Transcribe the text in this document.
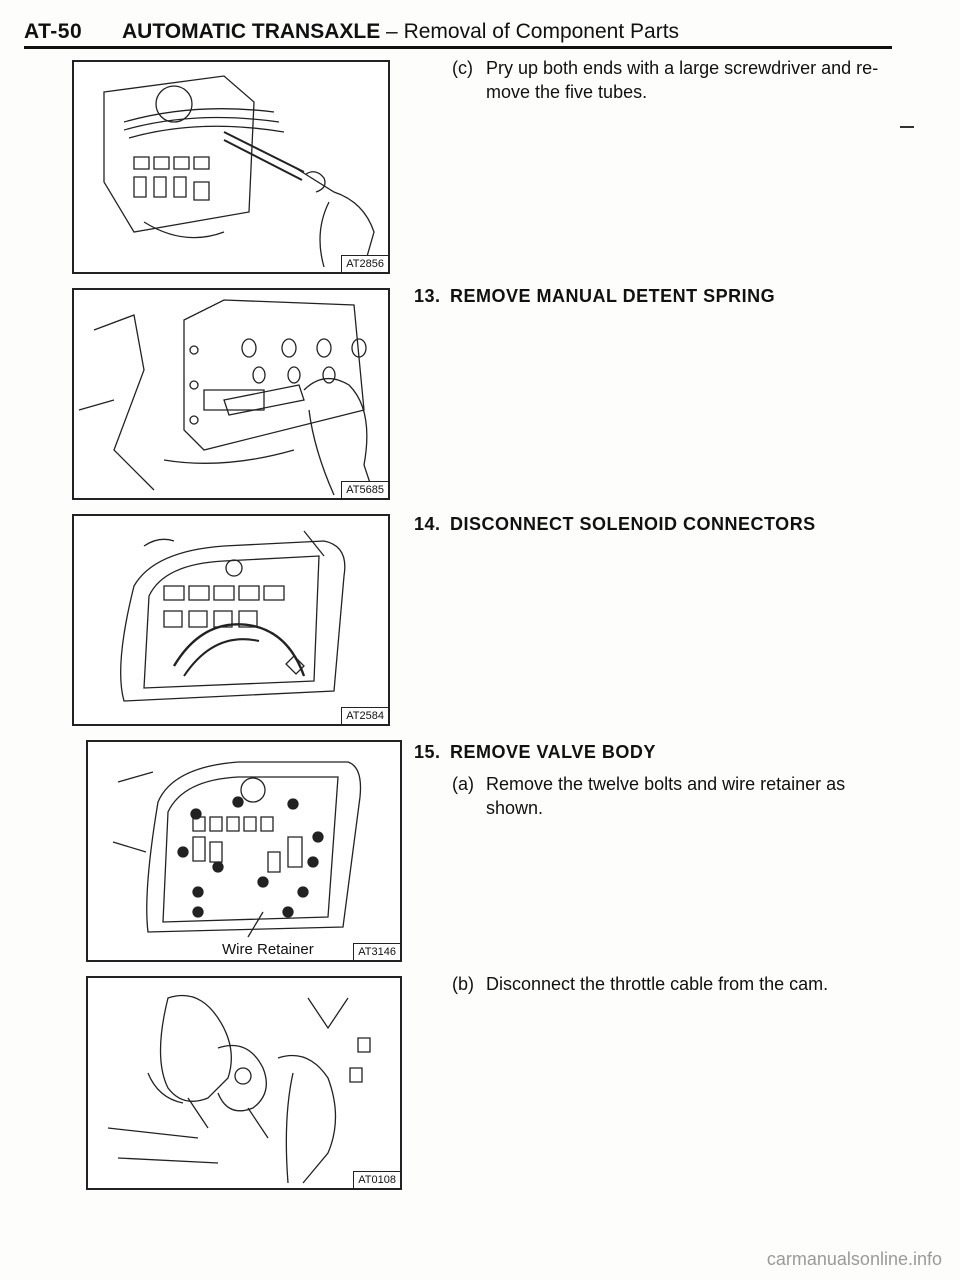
AT-50 AUTOMATIC TRANSAXLE – Removal of Component Parts
AT2856
AT5685
AT2584
Wire Retainer	AT3146
AT0108
(c) Pry up both ends with a large screwdriver and re-move the five tubes.
13. REMOVE MANUAL DETENT SPRING
14. DISCONNECT SOLENOID CONNECTORS
15. REMOVE VALVE BODY
(a) Remove the twelve bolts and wire retainer as shown.
(b) Disconnect the throttle cable from the cam.
carmanualsonline.info
